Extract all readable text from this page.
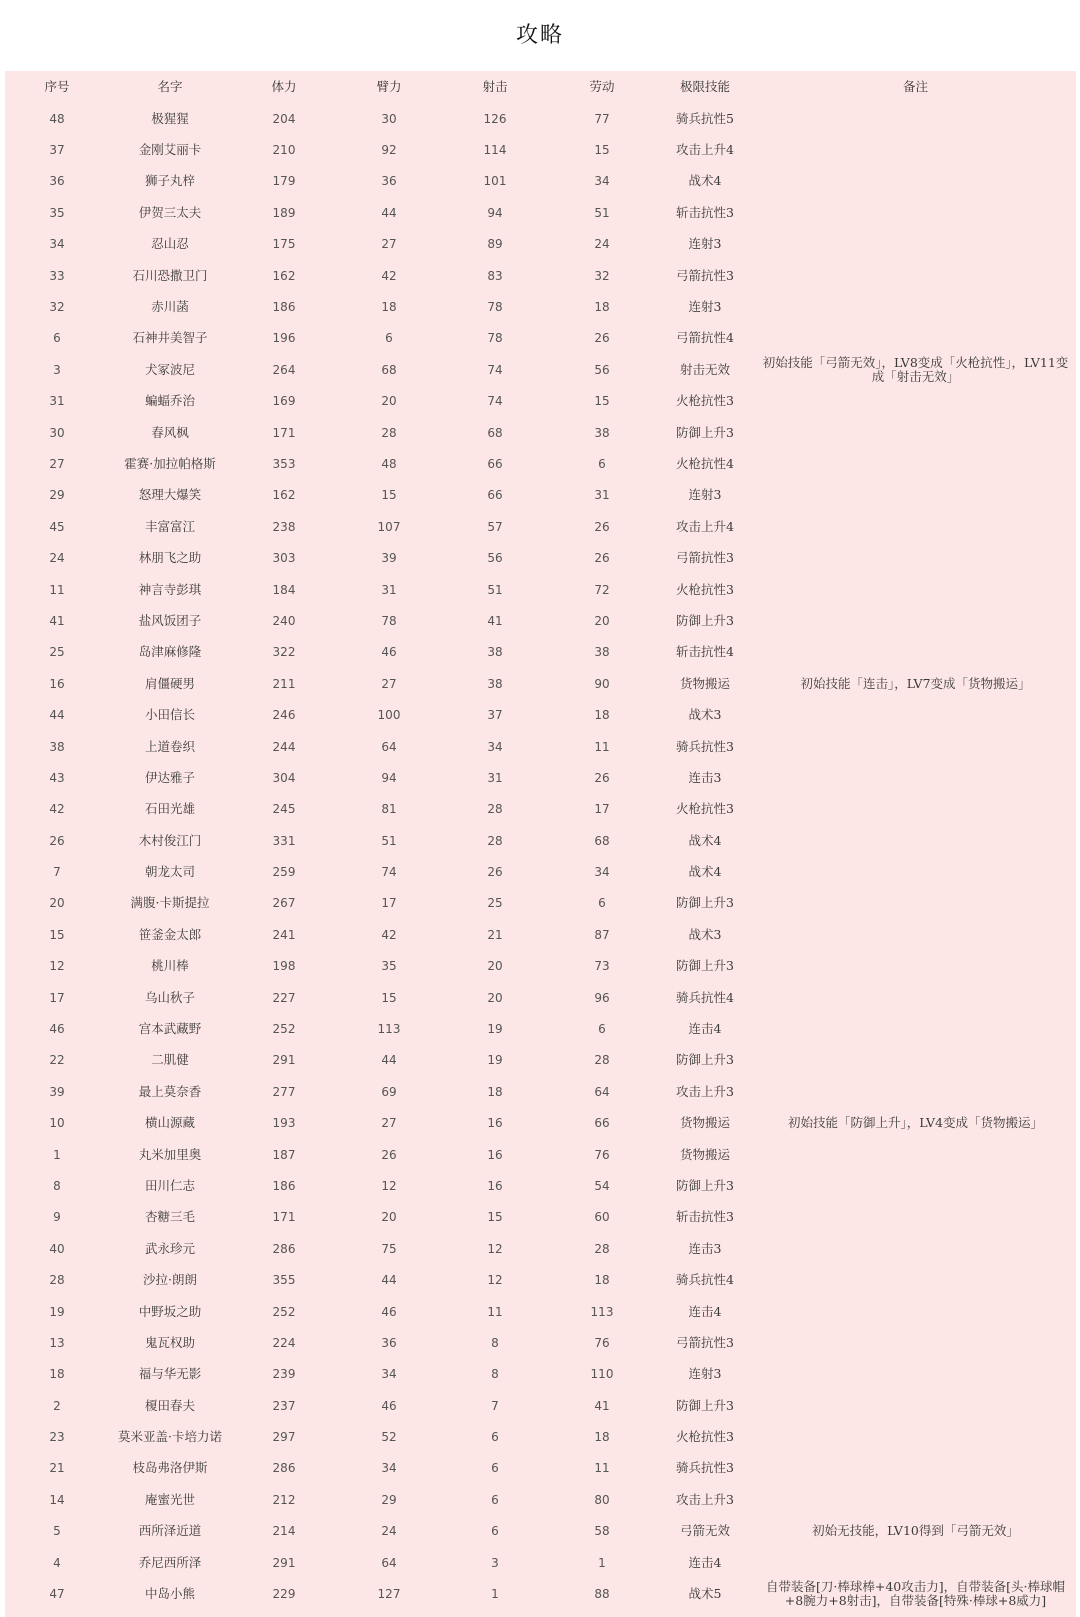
攻略
序号	名字	体力	臂力	射击	劳动	极限技能	备注
48	极猩猩	204	30	126	77	骑兵抗性5	
37	金刚艾丽卡	210	92	114	15	攻击上升4	
36	狮子丸梓	179	36	101	34	战术4	
35	伊贺三太夫	189	44	94	51	斩击抗性3	
34	忍山忍	175	27	89	24	连射3	
33	石川恐撒卫门	162	42	83	32	弓箭抗性3	
32	赤川菡	186	18	78	18	连射3	
6	石神井美智子	196	6	78	26	弓箭抗性4	
3	犬冢波尼	264	68	74	56	射击无效	初始技能「弓箭无效」，LV8变成「火枪抗性」，LV11变成「射击无效」
31	蝙蝠乔治	169	20	74	15	火枪抗性3	
30	春风枫	171	28	68	38	防御上升3	
27	霍赛·加拉帕格斯	353	48	66	6	火枪抗性4	
29	怒理大爆笑	162	15	66	31	连射3	
45	丰富富江	238	107	57	26	攻击上升4	
24	林朋飞之助	303	39	56	26	弓箭抗性3	
11	神言寺彭琪	184	31	51	72	火枪抗性3	
41	盐风饭团子	240	78	41	20	防御上升3	
25	岛津麻修隆	322	46	38	38	斩击抗性4	
16	肩僵硬男	211	27	38	90	货物搬运	初始技能「连击」，LV7变成「货物搬运」
44	小田信长	246	100	37	18	战术3	
38	上道卷织	244	64	34	11	骑兵抗性3	
43	伊达雅子	304	94	31	26	连击3	
42	石田光雄	245	81	28	17	火枪抗性3	
26	木村俊江门	331	51	28	68	战术4	
7	朝龙太司	259	74	26	34	战术4	
20	满腹·卡斯提拉	267	17	25	6	防御上升3	
15	笹釜金太郎	241	42	21	87	战术3	
12	桃川棒	198	35	20	73	防御上升3	
17	乌山秋子	227	15	20	96	骑兵抗性4	
46	宫本武藏野	252	113	19	6	连击4	
22	二肌健	291	44	19	28	防御上升3	
39	最上莫奈香	277	69	18	64	攻击上升3	
10	横山源藏	193	27	16	66	货物搬运	初始技能「防御上升」，LV4变成「货物搬运」
1	丸米加里奥	187	26	16	76	货物搬运	
8	田川仁志	186	12	16	54	防御上升3	
9	杏糖三毛	171	20	15	60	斩击抗性3	
40	武永珍元	286	75	12	28	连击3	
28	沙拉·朗朗	355	44	12	18	骑兵抗性4	
19	中野坂之助	252	46	11	113	连击4	
13	鬼瓦权助	224	36	8	76	弓箭抗性3	
18	福与华无影	239	34	8	110	连射3	
2	榎田春夫	237	46	7	41	防御上升3	
23	莫米亚盖·卡培力诺	297	52	6	18	火枪抗性3	
21	枝岛弗洛伊斯	286	34	6	11	骑兵抗性3	
14	庵蜜光世	212	29	6	80	攻击上升3	
5	西所泽近道	214	24	6	58	弓箭无效	初始无技能，LV10得到「弓箭无效」
4	乔尼西所泽	291	64	3	1	连击4	
47	中岛小熊	229	127	1	88	战术5	自带装备[刀·棒球棒+40攻击力]，自带装备[头·棒球帽+8腕力+8射击]，自带装备[特殊·棒球+8威力]
